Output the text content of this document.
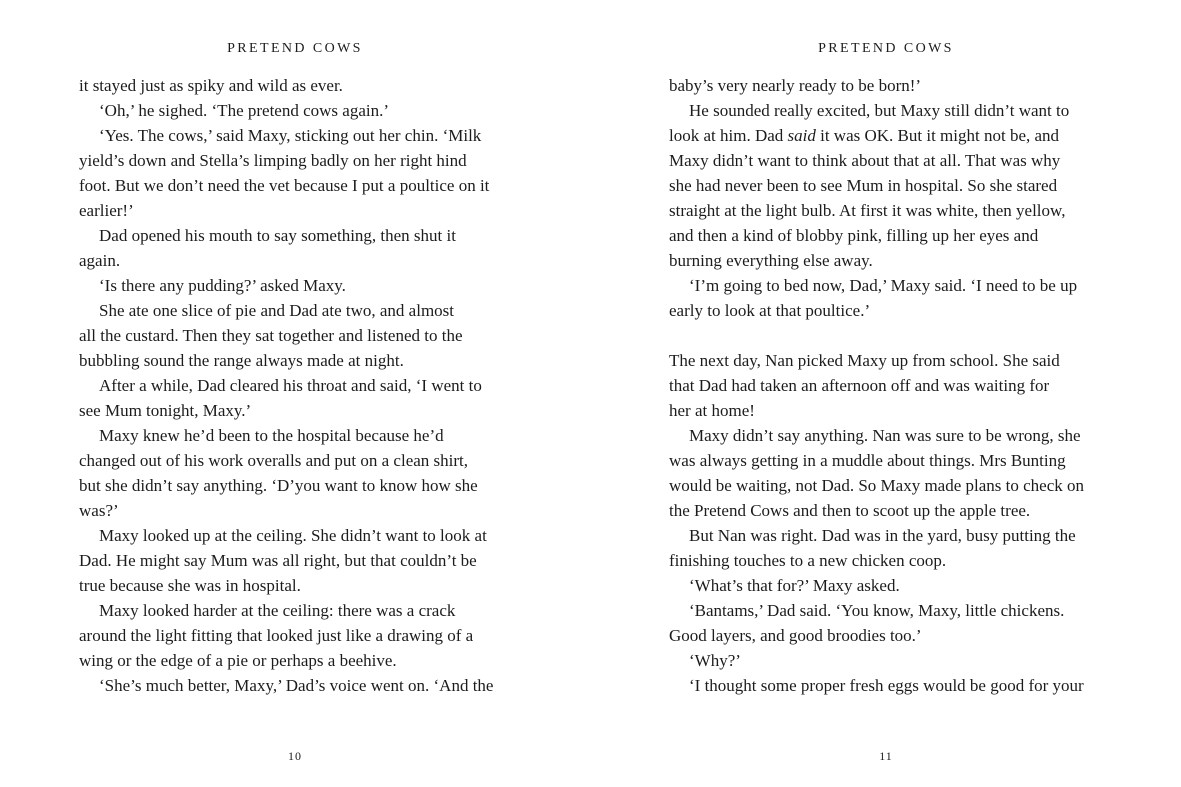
PRETEND COWS
it stayed just as spiky and wild as ever.
‘Oh,’ he sighed. ‘The pretend cows again.’
‘Yes. The cows,’ said Maxy, sticking out her chin. ‘Milk
yield’s down and Stella’s limping badly on her right hind
foot. But we don’t need the vet because I put a poultice on it
earlier!’
Dad opened his mouth to say something, then shut it
again.
‘Is there any pudding?’ asked Maxy.
She ate one slice of pie and Dad ate two, and almost
all the custard. Then they sat together and listened to the
bubbling sound the range always made at night.
After a while, Dad cleared his throat and said, ‘I went to
see Mum tonight, Maxy.’
Maxy knew he’d been to the hospital because he’d
changed out of his work overalls and put on a clean shirt,
but she didn’t say anything. ‘D’you want to know how she
was?’
Maxy looked up at the ceiling. She didn’t want to look at
Dad. He might say Mum was all right, but that couldn’t be
true because she was in hospital.
Maxy looked harder at the ceiling: there was a crack
around the light fitting that looked just like a drawing of a
wing or the edge of a pie or perhaps a beehive.
‘She’s much better, Maxy,’ Dad’s voice went on. ‘And the
10
PRETEND COWS
baby’s very nearly ready to be born!’
He sounded really excited, but Maxy still didn’t want to
look at him. Dad said it was OK. But it might not be, and
Maxy didn’t want to think about that at all. That was why
she had never been to see Mum in hospital. So she stared
straight at the light bulb. At first it was white, then yellow,
and then a kind of blobby pink, filling up her eyes and
burning everything else away.
‘I’m going to bed now, Dad,’ Maxy said. ‘I need to be up
early to look at that poultice.’
The next day, Nan picked Maxy up from school. She said
that Dad had taken an afternoon off and was waiting for
her at home!
Maxy didn’t say anything. Nan was sure to be wrong, she
was always getting in a muddle about things. Mrs Bunting
would be waiting, not Dad. So Maxy made plans to check on
the Pretend Cows and then to scoot up the apple tree.
But Nan was right. Dad was in the yard, busy putting the
finishing touches to a new chicken coop.
‘What’s that for?’ Maxy asked.
‘Bantams,’ Dad said. ‘You know, Maxy, little chickens.
Good layers, and good broodies too.’
‘Why?’
‘I thought some proper fresh eggs would be good for your
11
